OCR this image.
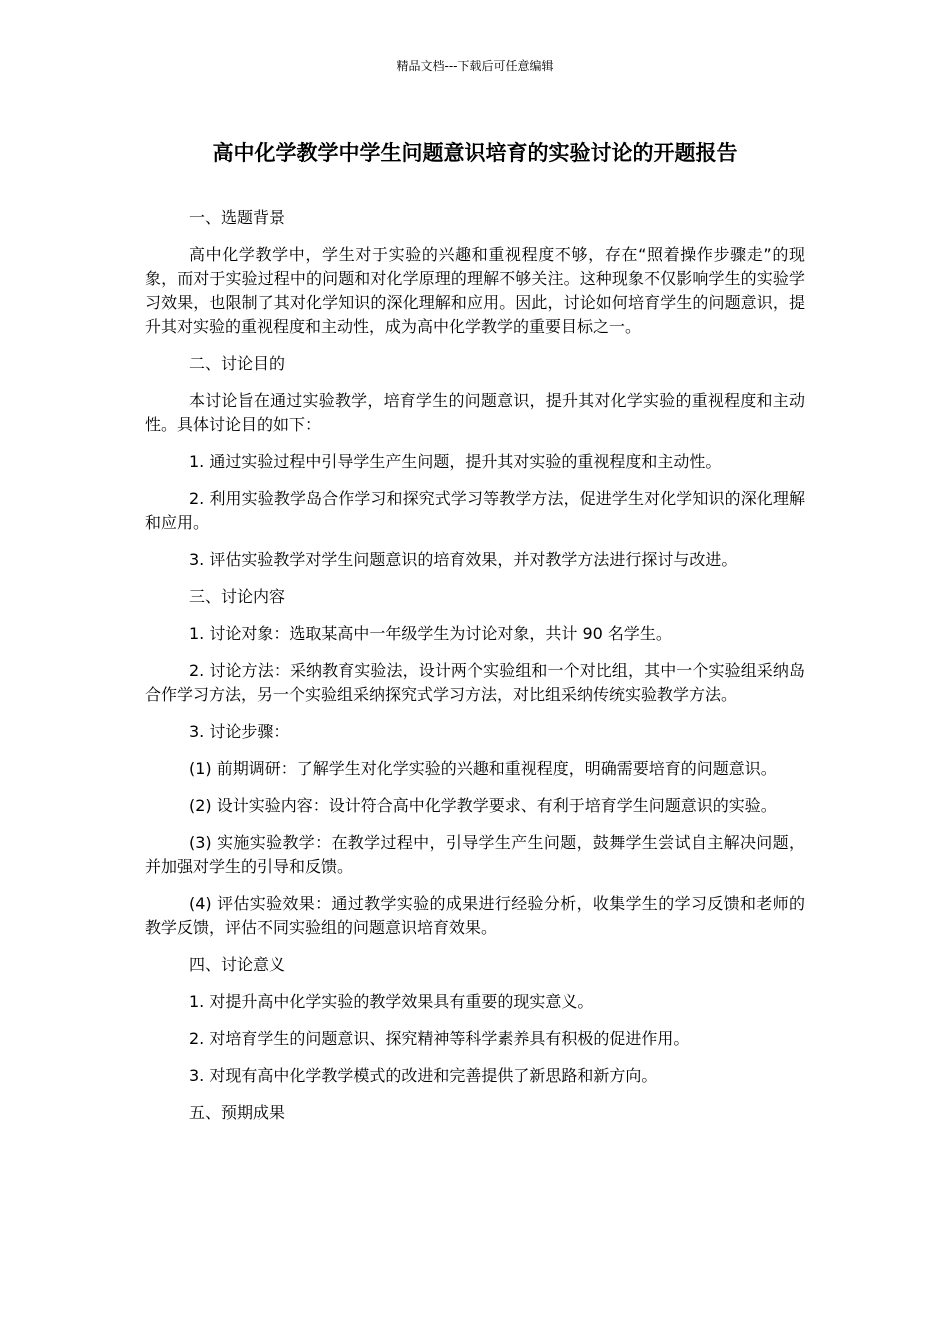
精品文档---下载后可任意编辑
高中化学教学中学生问题意识培育的实验讨论的开题报告

一、选题背景

高中化学教学中，学生对于实验的兴趣和重视程度不够，存在“照着操作步骤走”的现象，而对于实验过程中的问题和对化学原理的理解不够关注。这种现象不仅影响学生的实验学习效果，也限制了其对化学知识的深化理解和应用。因此，讨论如何培育学生的问题意识，提升其对实验的重视程度和主动性，成为高中化学教学的重要目标之一。

二、讨论目的

本讨论旨在通过实验教学，培育学生的问题意识，提升其对化学实验的重视程度和主动性。具体讨论目的如下：

1. 通过实验过程中引导学生产生问题，提升其对实验的重视程度和主动性。

2. 利用实验教学岛合作学习和探究式学习等教学方法，促进学生对化学知识的深化理解和应用。

3. 评估实验教学对学生问题意识的培育效果，并对教学方法进行探讨与改进。

三、讨论内容

1. 讨论对象：选取某高中一年级学生为讨论对象，共计 90 名学生。

2. 讨论方法：采纳教育实验法，设计两个实验组和一个对比组，其中一个实验组采纳岛合作学习方法，另一个实验组采纳探究式学习方法，对比组采纳传统实验教学方法。

3. 讨论步骤：

(1) 前期调研：了解学生对化学实验的兴趣和重视程度，明确需要培育的问题意识。

(2) 设计实验内容：设计符合高中化学教学要求、有利于培育学生问题意识的实验。

(3) 实施实验教学：在教学过程中，引导学生产生问题，鼓舞学生尝试自主解决问题，并加强对学生的引导和反馈。

(4) 评估实验效果：通过教学实验的成果进行经验分析，收集学生的学习反馈和老师的教学反馈，评估不同实验组的问题意识培育效果。

四、讨论意义

1. 对提升高中化学实验的教学效果具有重要的现实意义。

2. 对培育学生的问题意识、探究精神等科学素养具有积极的促进作用。

3. 对现有高中化学教学模式的改进和完善提供了新思路和新方向。

五、预期成果
